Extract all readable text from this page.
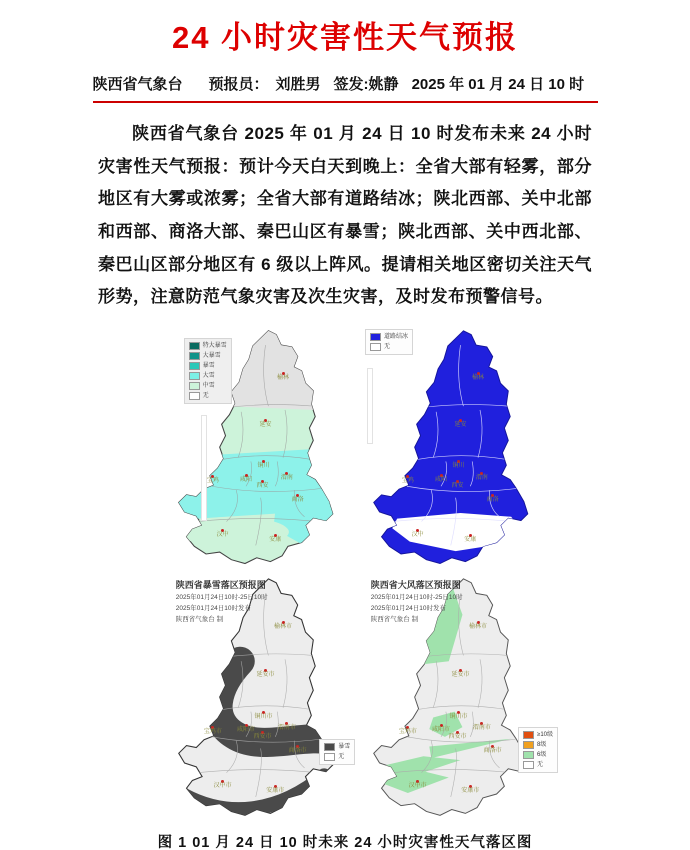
24 小时灾害性天气预报
陕西省气象台 预报员： 刘胜男 签发: 姚静 2025 年 01 月 24 日 10 时

陕西省气象台 2025 年 01 月 24 日 10 时发布未来 24 小时灾害性天气预报：预计今天白天到晚上：全省大部有轻雾，部分地区有大雾或浓雾；全省大部有道路结冰；陕北西部、关中北部和西部、商洛大部、秦巴山区有暴雪；陕北西部、关中西北部、秦巴山区部分地区有 6 级以上阵风。提请相关地区密切关注天气形势，注意防范气象灾害及次生灾害，及时发布预警信号。

特大暴雪
大暴雪
暴雪
大雪
中雪
无
榆林
延安
铜川
渭南
宝鸡	咸阳
西安
商洛
汉中
安康
道路结冰
无
榆林
延安
铜川
渭南
宝鸡	咸阳
西安
商洛
汉中
安康
陕西省暴雪落区预报图
2025年01月24日10时-25日10时
2025年01月24日10时发布
陕西省气象台 制
暴雪
无
榆林市
延安市
铜川市
渭南市
宝鸡市	咸阳市
西安市
商洛市
汉中市
安康市
陕西省大风落区预报图
2025年01月24日10时-25日10时
2025年01月24日10时发布
陕西省气象台 制
≥10级
8级
6级
无
榆林市
延安市
铜川市
渭南市
宝鸡市	咸阳市
西安市
商洛市
汉中市
安康市
图 1 01 月 24 日 10 时未来 24 小时灾害性天气落区图
